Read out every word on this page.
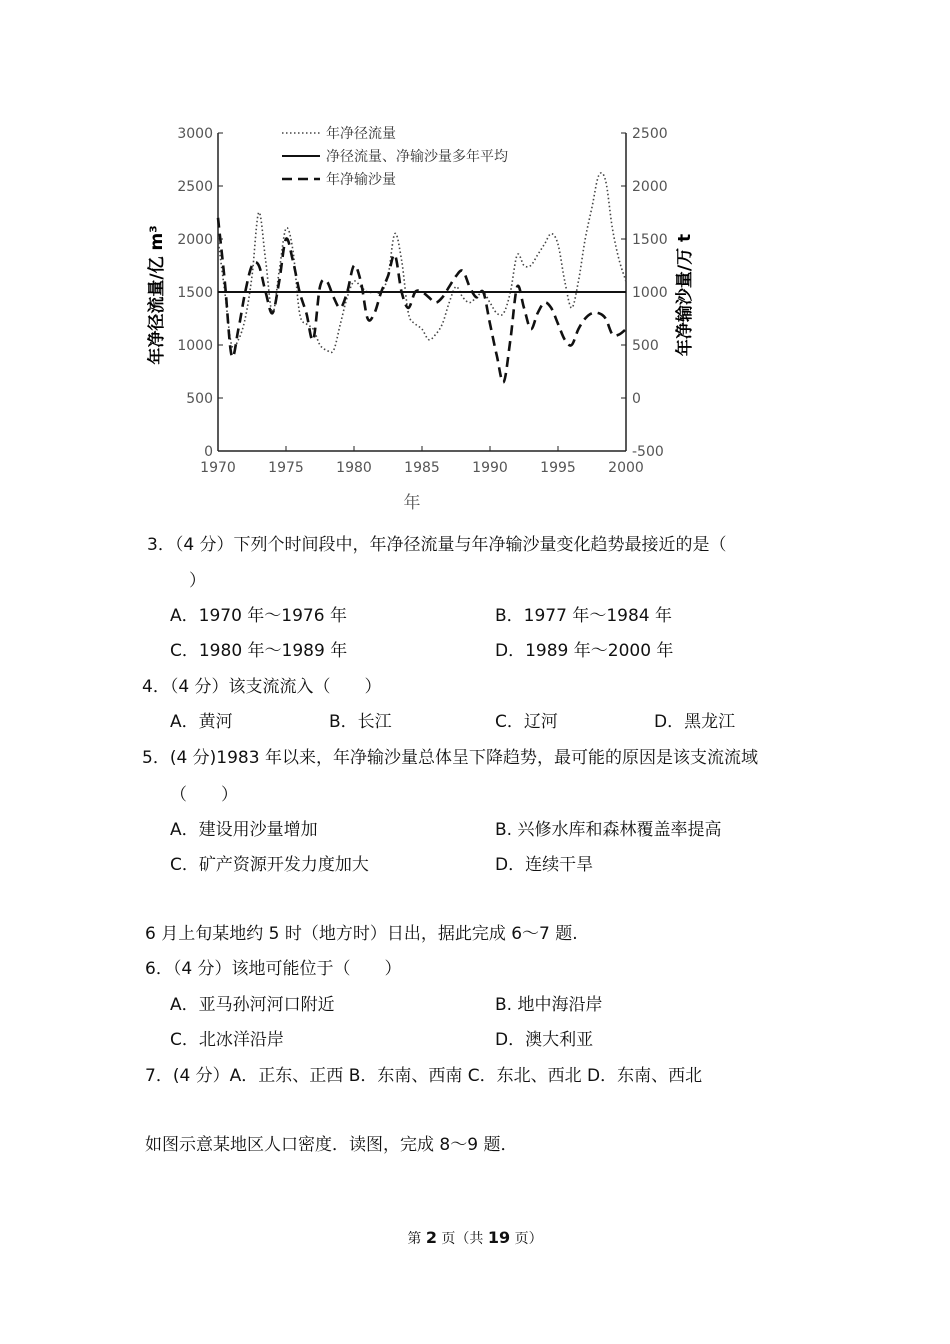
3000
2500
2000
1500
1000
500
0
2500
2000
1500
1000
500
0
-500
1970 1975 1980 1985 1990 1995 2000
年净径流量
净径流量、净输沙量多年平均
年净输沙量
年净径流量/亿 m³	年净输沙量/万 t
年
3．（4 分）下列个时间段中，年净径流量与年净输沙量变化趋势最接近的是（
）
A．1970 年～1976 年	B．1977 年～1984 年
C．1980 年～1989 年	D．1989 年～2000 年
4．（4 分）该支流流入（　　）
A．黄河	B．长江	C．辽河	D．黑龙江
5．(4 分)1983 年以来，年净输沙量总体呈下降趋势，最可能的原因是该支流流域
（　　）
A．建设用沙量增加	B. 兴修水库和森林覆盖率提高
C．矿产资源开发力度加大	D．连续干旱
6 月上旬某地约 5 时（地方时）日出，据此完成 6～7 题.
6．（4 分）该地可能位于（　　）
A．亚马孙河河口附近	B. 地中海沿岸
C．北冰洋沿岸	D．澳大利亚
7．(4 分）A．正东、正西 B．东南、西南 C．东北、西北 D．东南、西北
如图示意某地区人口密度．读图，完成 8～9 题．
第 2 页（共 19 页）
